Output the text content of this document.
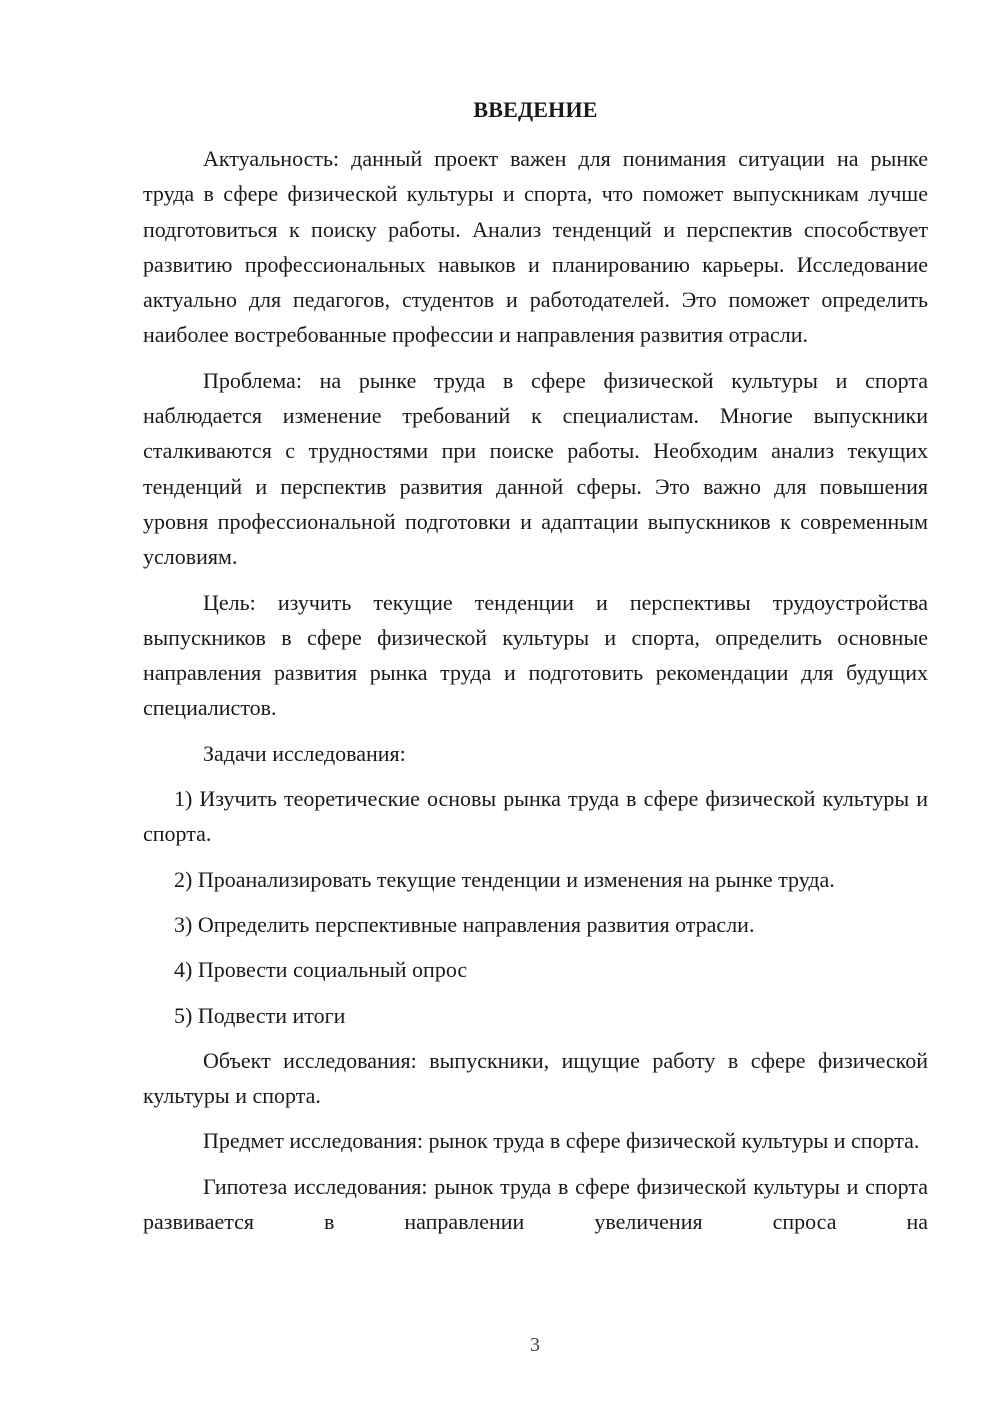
ВВЕДЕНИЕ

Актуальность: данный проект важен для понимания ситуации на рынке труда в сфере физической культуры и спорта, что поможет выпускникам лучше подготовиться к поиску работы. Анализ тенденций и перспектив способствует развитию профессиональных навыков и планированию карьеры. Исследование актуально для педагогов, студентов и работодателей. Это поможет определить наиболее востребованные профессии и направления развития отрасли.

Проблема: на рынке труда в сфере физической культуры и спорта наблюдается изменение требований к специалистам. Многие выпускники сталкиваются с трудностями при поиске работы. Необходим анализ текущих тенденций и перспектив развития данной сферы. Это важно для повышения уровня профессиональной подготовки и адаптации выпускников к современным условиям.

Цель: изучить текущие тенденции и перспективы трудоустройства выпускников в сфере физической культуры и спорта, определить основные направления развития рынка труда и подготовить рекомендации для будущих специалистов.

Задачи исследования:

1) Изучить теоретические основы рынка труда в сфере физической культуры и спорта.

2) Проанализировать текущие тенденции и изменения на рынке труда.

3) Определить перспективные направления развития отрасли.

4) Провести социальный опрос

5) Подвести итоги

Объект исследования: выпускники, ищущие работу в сфере физической культуры и спорта.

Предмет исследования: рынок труда в сфере физической культуры и спорта.

Гипотеза исследования: рынок труда в сфере физической культуры и спорта развивается в направлении увеличения спроса на

3
